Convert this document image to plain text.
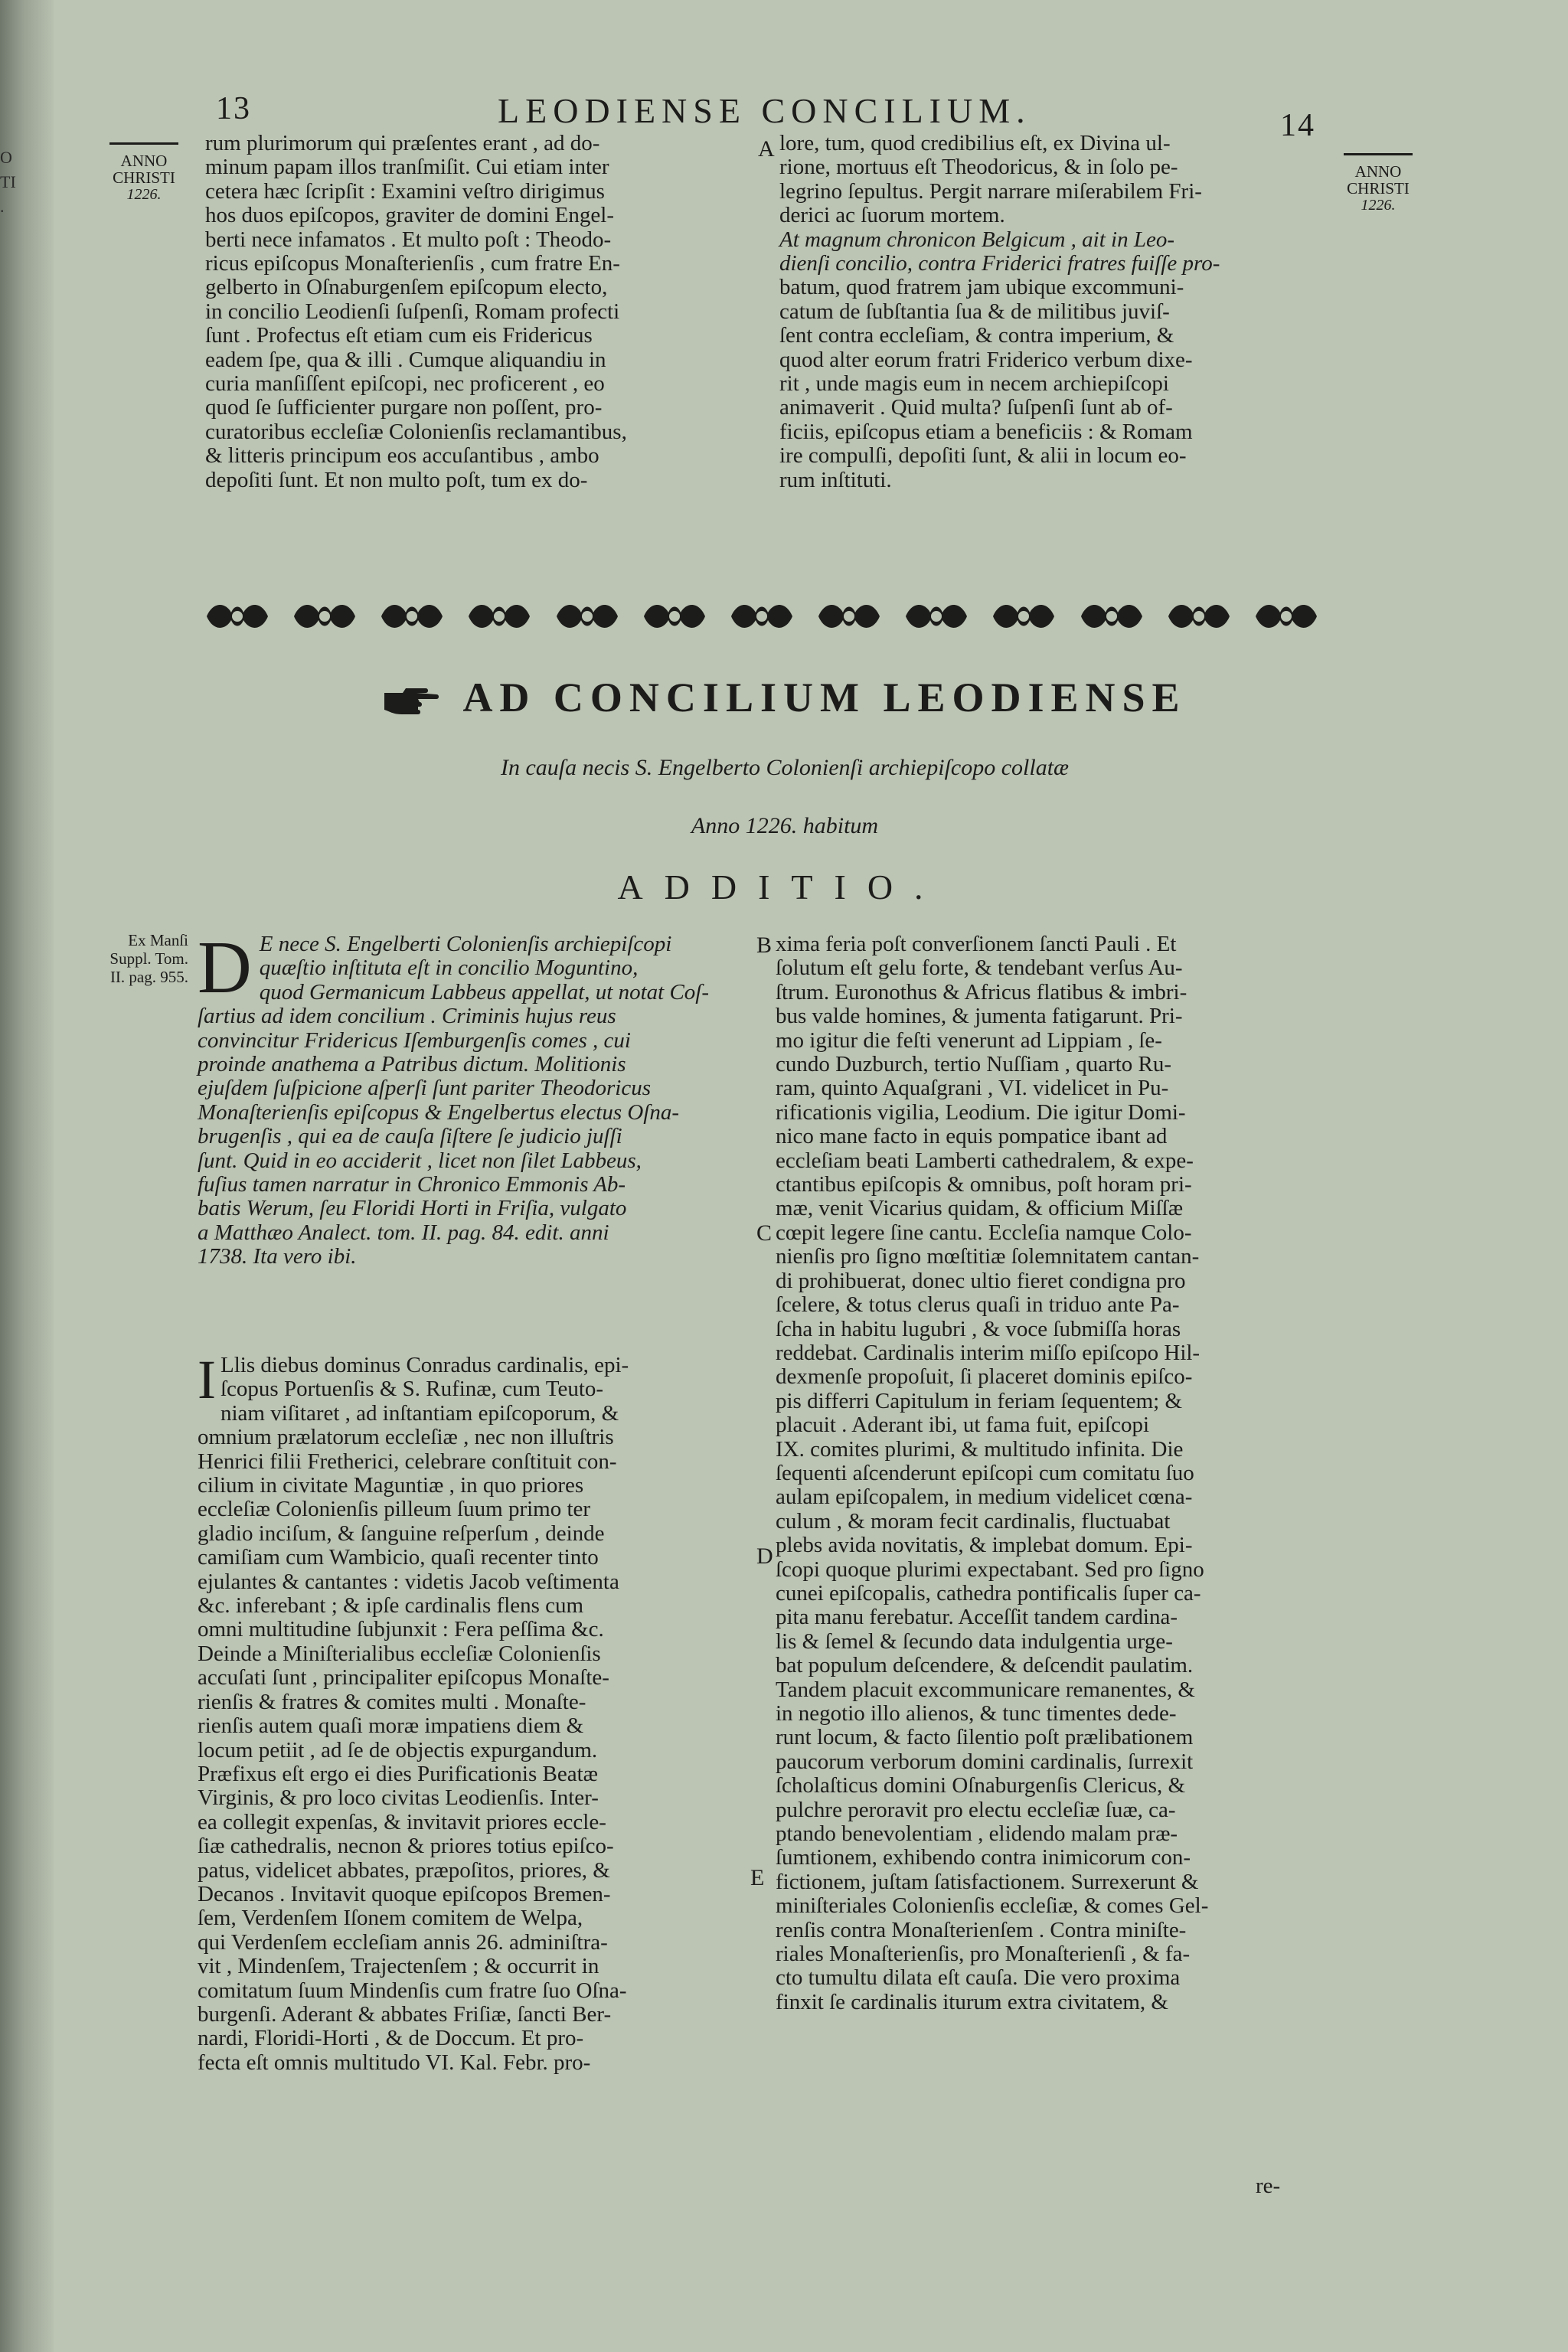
O
TI
.
13	LEODIENSE CONCILIUM.	14
ANNO
CHRISTI
1226.
ANNO
CHRISTI
1226.
A
rum plurimorum qui præſentes erant , ad do-
minum papam illos tranſmiſit. Cui etiam inter
cetera hæc ſcripſit : Examini veſtro dirigimus
hos duos epiſcopos, graviter de domini Engel-
berti nece infamatos . Et multo poſt : Theodo-
ricus epiſcopus Monaſterienſis , cum fratre En-
gelberto in Oſnaburgenſem epiſcopum electo,
in concilio Leodienſi ſuſpenſi, Romam profecti
ſunt . Profectus eſt etiam cum eis Fridericus
eadem ſpe, qua & illi . Cumque aliquandiu in
curia manſiſſent epiſcopi, nec proficerent , eo
quod ſe ſufficienter purgare non poſſent, pro-
curatoribus eccleſiæ Colonienſis reclamantibus,
& litteris principum eos accuſantibus , ambo
depoſiti ſunt. Et non multo poſt, tum ex do-
lore, tum, quod credibilius eſt, ex Divina ul-
rione, mortuus eſt Theodoricus, & in ſolo pe-
legrino ſepultus. Pergit narrare miſerabilem Fri-
derici ac ſuorum mortem.
At magnum chronicon Belgicum , ait in Leo-
dienſi concilio, contra Friderici fratres fuiſſe pro-
batum, quod fratrem jam ubique excommuni-
catum de ſubſtantia ſua & de militibus juviſ-
ſent contra eccleſiam, & contra imperium, &
quod alter eorum fratri Friderico verbum dixe-
rit , unde magis eum in necem archiepiſcopi
animaverit . Quid multa? ſuſpenſi ſunt ab of-
ficiis, epiſcopus etiam a beneficiis : & Romam
ire compulſi, depoſiti ſunt, & alii in locum eo-
rum inſtituti.
AD CONCILIUM LEODIENSE
In cauſa necis S. Engelberto Colonienſi archiepiſcopo collatæ
Anno 1226. habitum
ADDITIO.
Ex Manſi
Suppl. Tom.
II. pag. 955. D E nece S. Engelberti Colonienſis archiepiſcopi
quæſtio inſtituta eſt in concilio Moguntino,
quod Germanicum Labbeus appellat, ut notat Coſ-
ſartius ad idem concilium . Criminis hujus reus
convincitur Fridericus Iſemburgenſis comes , cui
proinde anathema a Patribus dictum. Molitionis
ejuſdem ſuſpicione aſperſi ſunt pariter Theodoricus
Monaſterienſis epiſcopus & Engelbertus electus Oſna-
brugenſis , qui ea de cauſa ſiſtere ſe judicio juſſi
ſunt. Quid in eo acciderit , licet non ſilet Labbeus,
fuſius tamen narratur in Chronico Emmonis Ab-
batis Werum, ſeu Floridi Horti in Friſia, vulgato
a Matthæo Analect. tom. II. pag. 84. edit. anni
1738. Ita vero ibi.
I Llis diebus dominus Conradus cardinalis, epi-
ſcopus Portuenſis & S. Rufinæ, cum Teuto-
niam viſitaret , ad inſtantiam epiſcoporum, &
omnium prælatorum eccleſiæ , nec non illuſtris
Henrici filii Fretherici, celebrare conſtituit con-
cilium in civitate Maguntiæ , in quo priores
eccleſiæ Colonienſis pilleum ſuum primo ter
gladio inciſum, & ſanguine reſperſum , deinde
camiſiam cum Wambicio, quaſi recenter tinto
ejulantes & cantantes : videtis Jacob veſtimenta
&c. inferebant ; & ipſe cardinalis flens cum
omni multitudine ſubjunxit : Fera peſſima &c.
Deinde a Miniſterialibus eccleſiæ Colonienſis
accuſati ſunt , principaliter epiſcopus Monaſte-
rienſis & fratres & comites multi . Monaſte-
rienſis autem quaſi moræ impatiens diem &
locum petiit , ad ſe de objectis expurgandum.
Præfixus eſt ergo ei dies Purificationis Beatæ
Virginis, & pro loco civitas Leodienſis. Inter-
ea collegit expenſas, & invitavit priores eccle-
ſiæ cathedralis, necnon & priores totius epiſco-
patus, videlicet abbates, præpoſitos, priores, &
Decanos . Invitavit quoque epiſcopos Bremen-
ſem, Verdenſem Iſonem comitem de Welpa,
qui Verdenſem eccleſiam annis 26. adminiſtra-
vit , Mindenſem, Trajectenſem ; & occurrit in
comitatum ſuum Mindenſis cum fratre ſuo Oſna-
burgenſi. Aderant & abbates Friſiæ, ſancti Ber-
nardi, Floridi-Horti , & de Doccum. Et pro-
fecta eſt omnis multitudo VI. Kal. Febr. pro-
B
C
D
E
xima feria poſt converſionem ſancti Pauli . Et
ſolutum eſt gelu forte, & tendebant verſus Au-
ſtrum. Euronothus & Africus flatibus & imbri-
bus valde homines, & jumenta fatigarunt. Pri-
mo igitur die feſti venerunt ad Lippiam , ſe-
cundo Duzburch, tertio Nuſſiam , quarto Ru-
ram, quinto Aquaſgrani , VI. videlicet in Pu-
rificationis vigilia, Leodium. Die igitur Domi-
nico mane facto in equis pompatice ibant ad
eccleſiam beati Lamberti cathedralem, & expe-
ctantibus epiſcopis & omnibus, poſt horam pri-
mæ, venit Vicarius quidam, & officium Miſſæ
cœpit legere ſine cantu. Eccleſia namque Colo-
nienſis pro ſigno mœſtitiæ ſolemnitatem cantan-
di prohibuerat, donec ultio fieret condigna pro
ſcelere, & totus clerus quaſi in triduo ante Pa-
ſcha in habitu lugubri , & voce ſubmiſſa horas
reddebat. Cardinalis interim miſſo epiſcopo Hil-
dexmenſe propoſuit, ſi placeret dominis epiſco-
pis differri Capitulum in feriam ſequentem; &
placuit . Aderant ibi, ut fama fuit, epiſcopi
IX. comites plurimi, & multitudo infinita. Die
ſequenti aſcenderunt epiſcopi cum comitatu ſuo
aulam epiſcopalem, in medium videlicet cœna-
culum , & moram fecit cardinalis, fluctuabat
plebs avida novitatis, & implebat domum. Epi-
ſcopi quoque plurimi expectabant. Sed pro ſigno
cunei epiſcopalis, cathedra pontificalis ſuper ca-
pita manu ferebatur. Acceſſit tandem cardina-
lis & ſemel & ſecundo data indulgentia urge-
bat populum deſcendere, & deſcendit paulatim.
Tandem placuit excommunicare remanentes, &
in negotio illo alienos, & tunc timentes dede-
runt locum, & facto ſilentio poſt prælibationem
paucorum verborum domini cardinalis, ſurrexit
ſcholaſticus domini Oſnaburgenſis Clericus, &
pulchre peroravit pro electu eccleſiæ ſuæ, ca-
ptando benevolentiam , elidendo malam præ-
ſumtionem, exhibendo contra inimicorum con-
fictionem, juſtam ſatisfactionem. Surrexerunt &
miniſteriales Colonienſis eccleſiæ, & comes Gel-
renſis contra Monaſterienſem . Contra miniſte-
riales Monaſterienſis, pro Monaſterienſi , & fa-
cto tumultu dilata eſt cauſa. Die vero proxima
finxit ſe cardinalis iturum extra civitatem, &
re-
